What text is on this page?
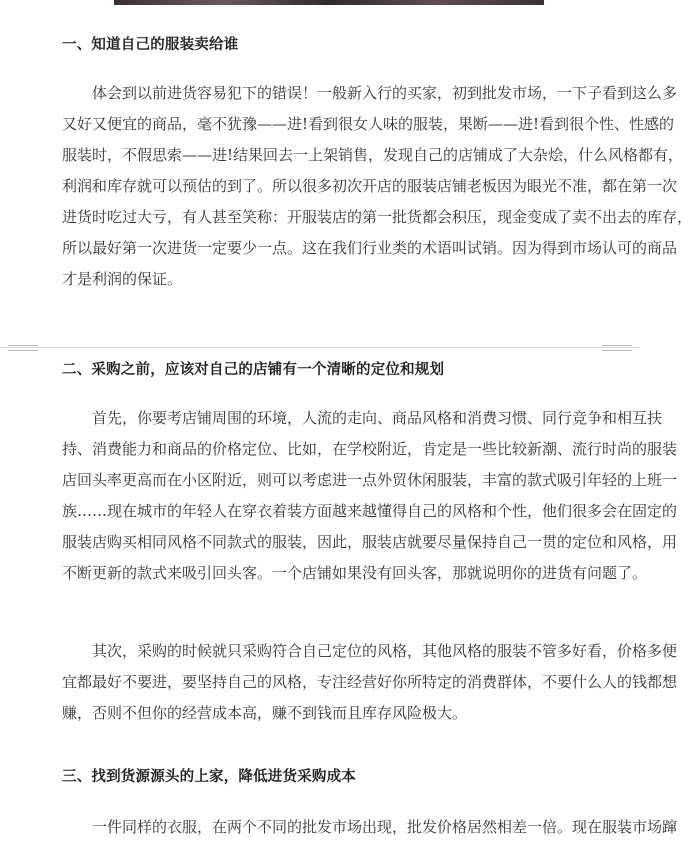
一、知道自己的服装卖给谁
体会到以前进货容易犯下的错误！一般新入行的买家，初到批发市场，一下子看到这么多
又好又便宜的商品，毫不犹豫——进!看到很女人味的服装，果断——进!看到很个性、性感的
服装时，不假思索——进!结果回去一上架销售，发现自己的店铺成了大杂烩，什么风格都有，
利润和库存就可以预估的到了。所以很多初次开店的服装店铺老板因为眼光不准，都在第一次
进货时吃过大亏，有人甚至笑称：开服装店的第一批货都会积压，现金变成了卖不出去的库存，
所以最好第一次进货一定要少一点。这在我们行业类的术语叫试销。因为得到市场认可的商品
才是利润的保证。
二、采购之前，应该对自己的店铺有一个清晰的定位和规划
首先，你要考店铺周围的环境，人流的走向、商品风格和消费习惯、同行竞争和相互扶
持、消费能力和商品的价格定位、比如，在学校附近，肯定是一些比较新潮、流行时尚的服装
店回头率更高而在小区附近，则可以考虑进一点外贸休闲服装，丰富的款式吸引年轻的上班一
族……现在城市的年轻人在穿衣着装方面越来越懂得自己的风格和个性，他们很多会在固定的
服装店购买相同风格不同款式的服装，因此，服装店就要尽量保持自己一贯的定位和风格，用
不断更新的款式来吸引回头客。一个店铺如果没有回头客，那就说明你的进货有问题了。
其次，采购的时候就只采购符合自己定位的风格，其他风格的服装不管多好看，价格多便
宜都最好不要进，要坚持自己的风格，专注经营好你所特定的消费群体，不要什么人的钱都想
赚，否则不但你的经营成本高，赚不到钱而且库存风险极大。
三、找到货源源头的上家，降低进货采购成本
一件同样的衣服，在两个不同的批发市场出现，批发价格居然相差一倍。现在服装市场蹿
